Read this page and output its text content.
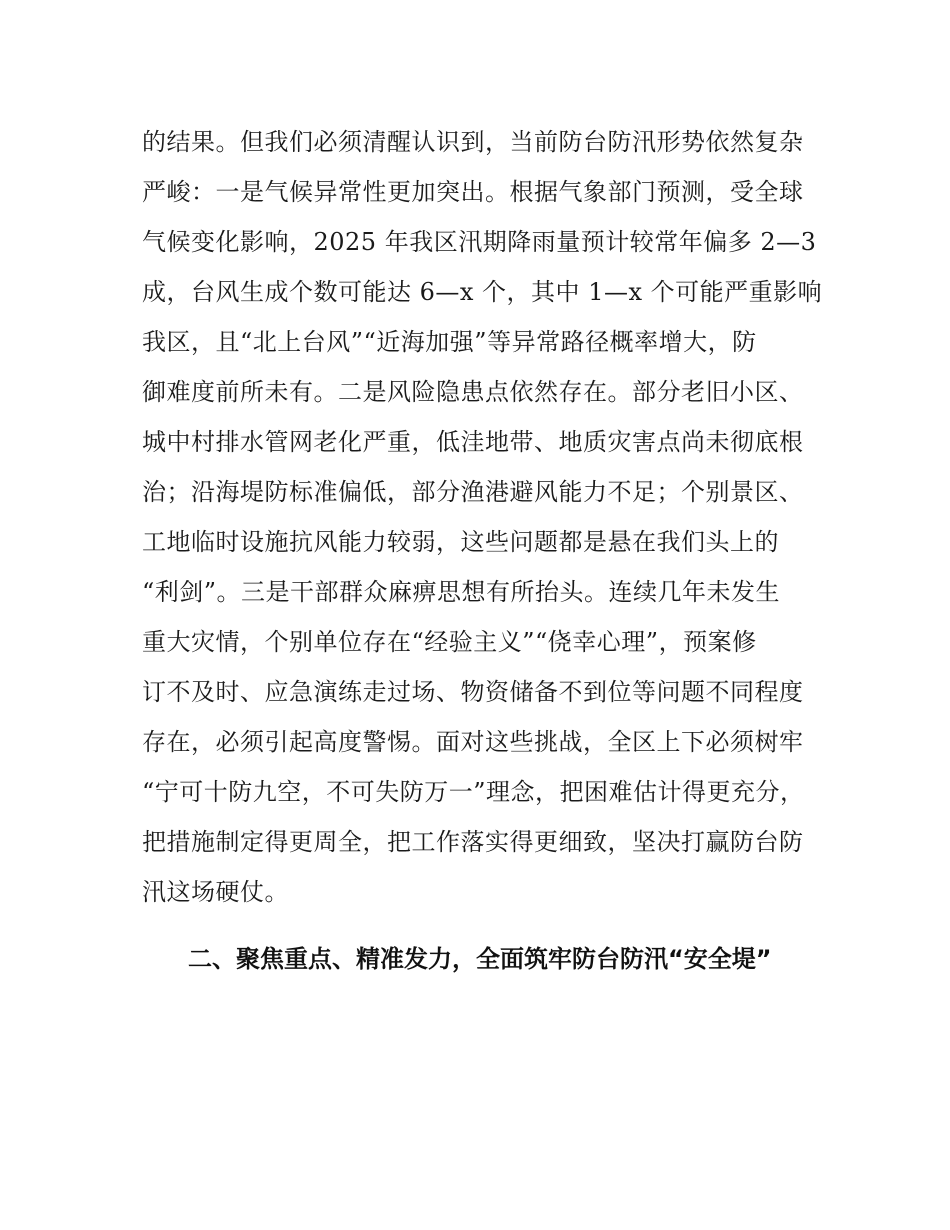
的结果。但我们必须清醒认识到，当前防台防汛形势依然复杂
严峻：一是气候异常性更加突出。根据气象部门预测，受全球
气候变化影响，2025 年我区汛期降雨量预计较常年偏多 2—3
成，台风生成个数可能达 6—x 个，其中 1—x 个可能严重影响
我区，且“北上台风”“近海加强”等异常路径概率增大，防
御难度前所未有。二是风险隐患点依然存在。部分老旧小区、
城中村排水管网老化严重，低洼地带、地质灾害点尚未彻底根
治；沿海堤防标准偏低，部分渔港避风能力不足；个别景区、
工地临时设施抗风能力较弱，这些问题都是悬在我们头上的
“利剑”。三是干部群众麻痹思想有所抬头。连续几年未发生
重大灾情，个别单位存在“经验主义”“侥幸心理”，预案修
订不及时、应急演练走过场、物资储备不到位等问题不同程度
存在，必须引起高度警惕。面对这些挑战，全区上下必须树牢
“宁可十防九空，不可失防万一”理念，把困难估计得更充分，
把措施制定得更周全，把工作落实得更细致，坚决打赢防台防
汛这场硬仗。
二、聚焦重点、精准发力，全面筑牢防台防汛“安全堤”
